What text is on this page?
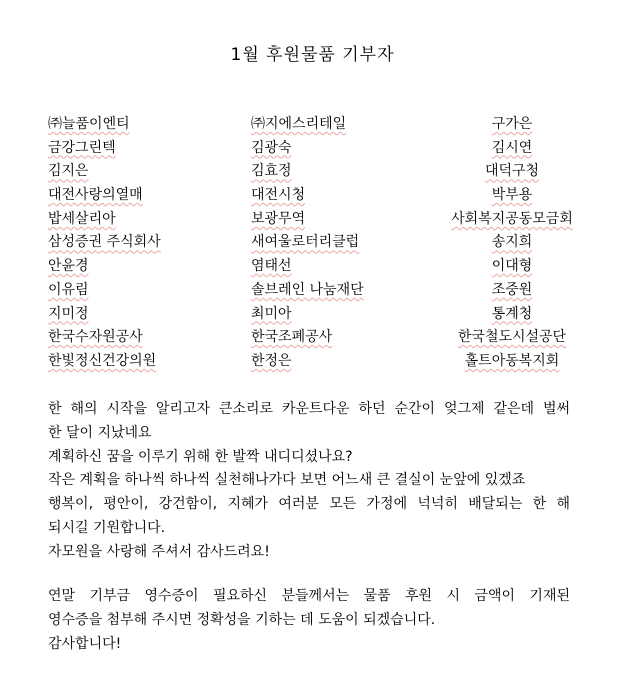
1월 후원물품 기부자
㈜늘품이엔티	㈜지에스리테일	구가은
금강그린텍	김광숙	김시연
김지은	김효정	대덕구청
대전사랑의열매	대전시청	박부용
밥세살리아	보광무역	사회복지공동모금회
삼성증권 주식회사	새여울로터리클럽	송지희
안윤경	염태선	이대형
이유림	솔브레인 나눔재단	조중원
지미정	최미아	통계청
한국수자원공사	한국조폐공사	한국철도시설공단
한빛정신건강의원	한정은	홀트아동복지회
한 해의 시작을 알리고자 큰소리로 카운트다운 하던 순간이 엊그제 같은데 벌써
한 달이 지났네요
계획하신 꿈을 이루기 위해 한 발짝 내디디셨나요?
작은 계획을 하나씩 하나씩 실천해나가다 보면 어느새 큰 결실이 눈앞에 있겠죠
행복이, 평안이, 강건함이, 지혜가 여러분 모든 가정에 넉넉히 배달되는 한 해
되시길 기원합니다.
자모원을 사랑해 주셔서 감사드려요!
연말 기부금 영수증이 필요하신 분들께서는 물품 후원 시 금액이 기재된
영수증을 첨부해 주시면 정확성을 기하는 데 도움이 되겠습니다.
감사합니다!
